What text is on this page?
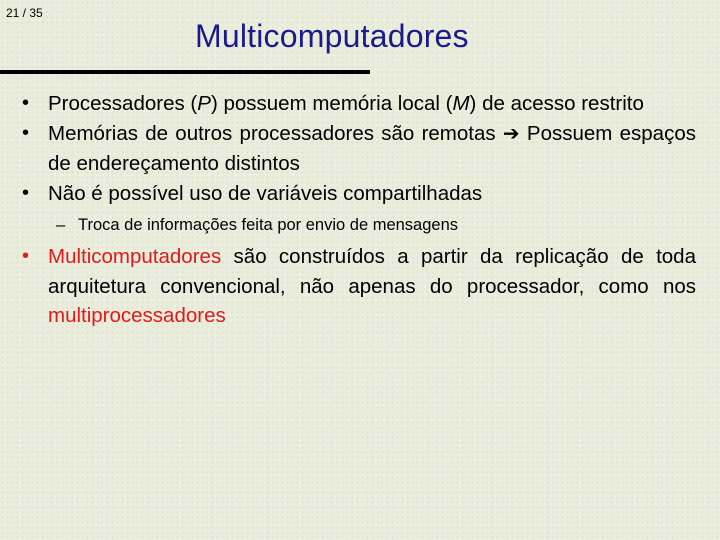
21 / 35
Multicomputadores
• Processadores (P) possuem memória local (M) de acesso restrito

• Memórias de outros processadores são remotas ➔ Possuem espaços de endereçamento distintos

• Não é possível uso de variáveis compartilhadas

– Troca de informações feita por envio de mensagens
• Multicomputadores são construídos a partir da replicação de toda arquitetura convencional, não apenas do processador, como nos multiprocessadores
